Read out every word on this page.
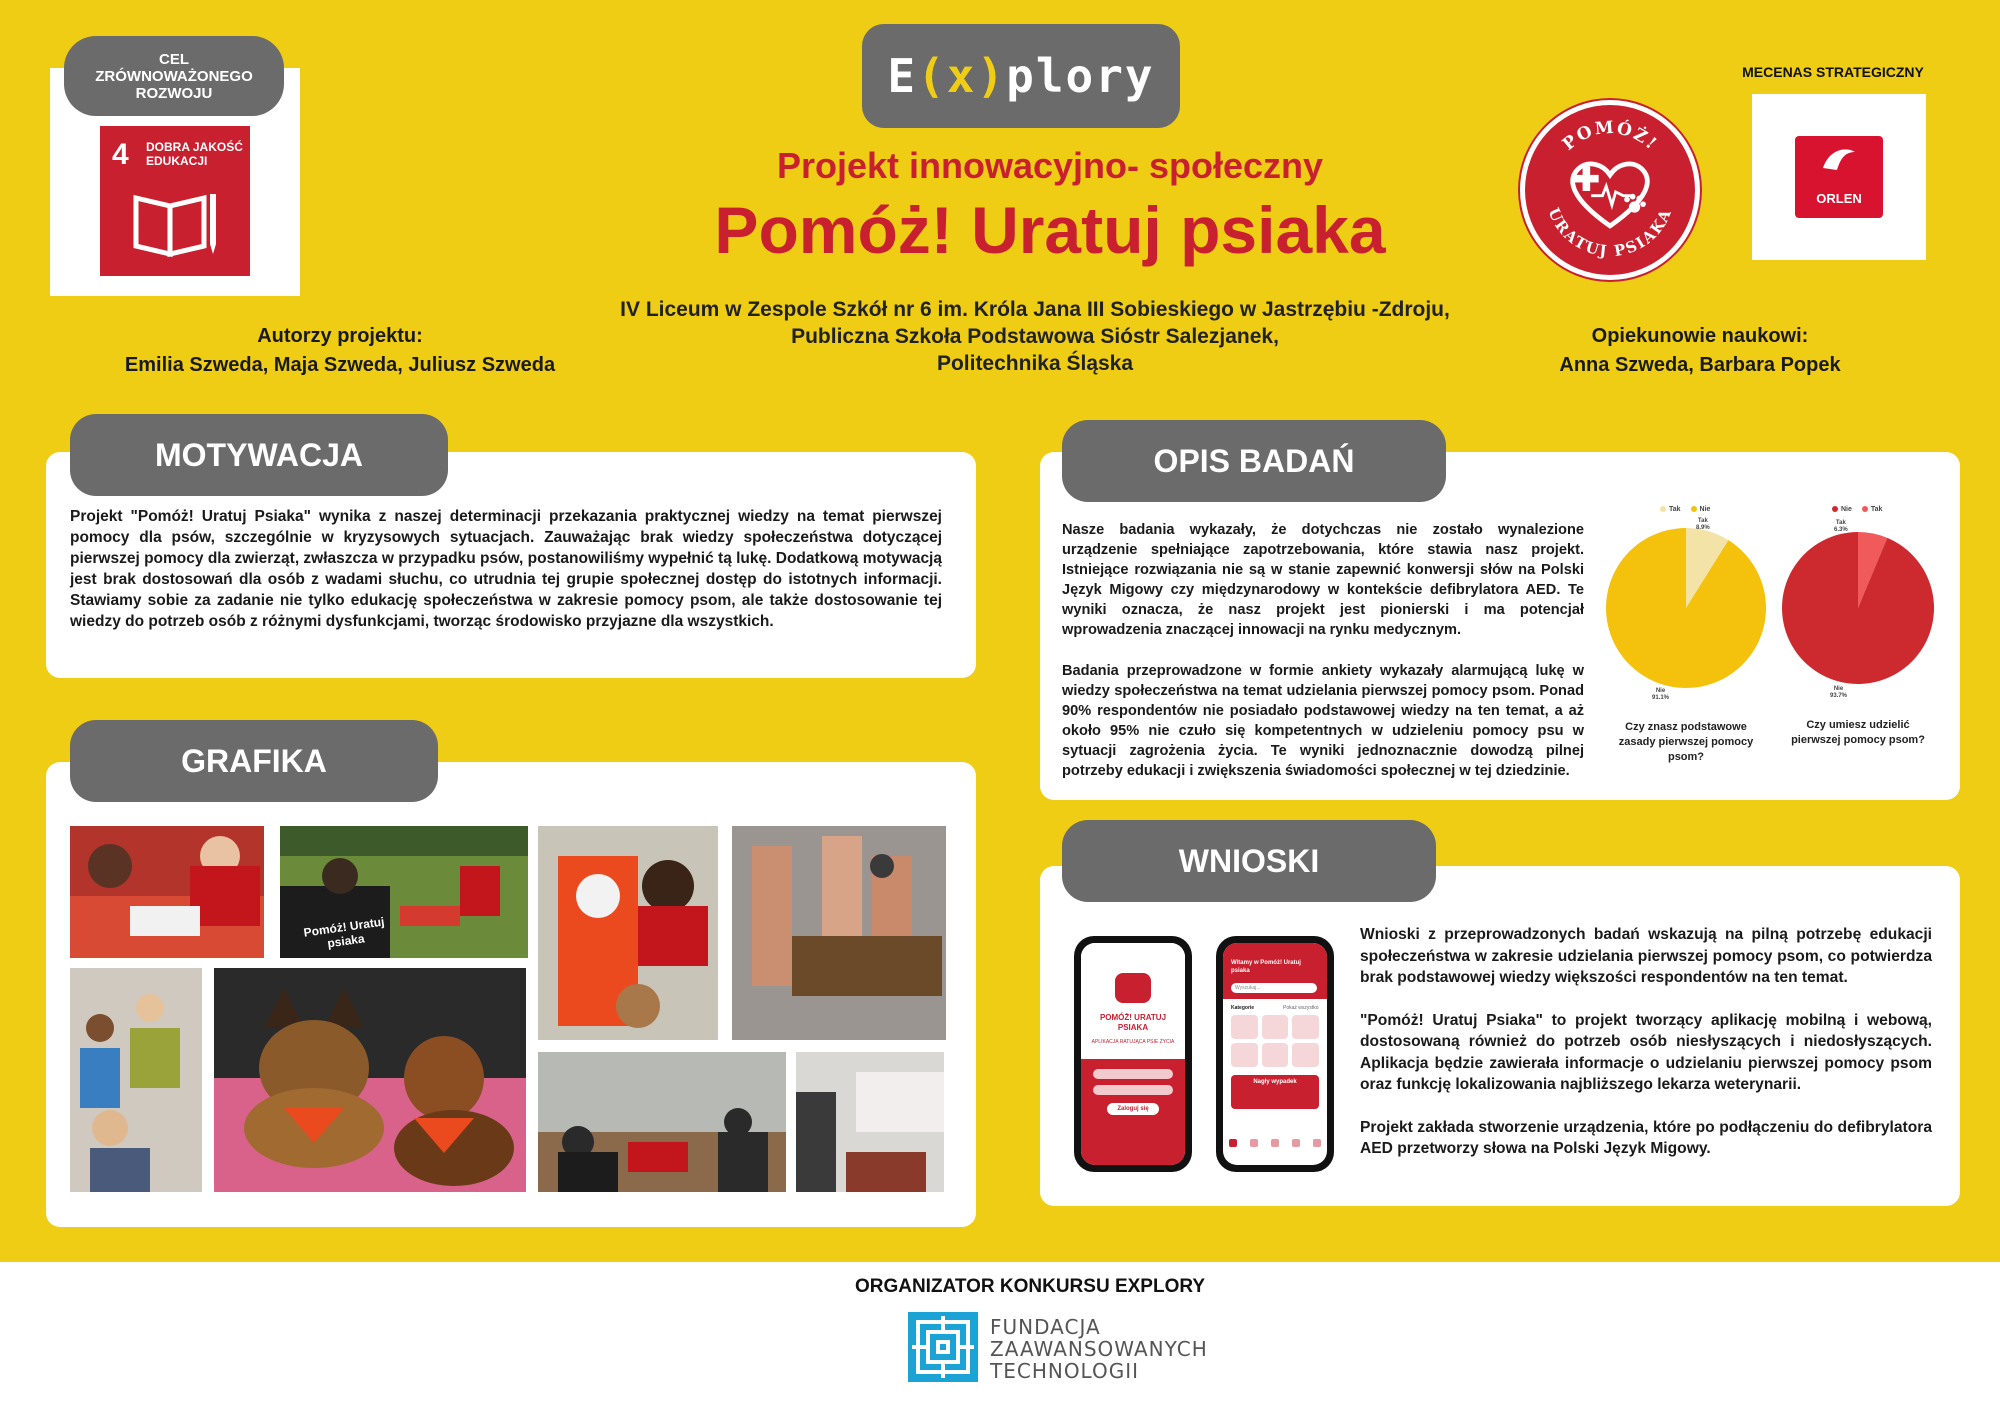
CEL ZRÓWNOWAŻONEGO ROZWOJU
4 DOBRA JAKOŚĆ EDUKACJI
E (x) plory
Projekt innowacyjno- społeczny
Pomóż! Uratuj psiaka
IV Liceum w Zespole Szkół nr 6 im. Króla Jana III Sobieskiego w Jastrzębiu -Zdroju,
Publiczna Szkoła Podstawowa Sióstr Salezjanek,
Politechnika Śląska
Autorzy projektu:
Emilia Szweda, Maja Szweda, Juliusz Szweda
Opiekunowie naukowi:
Anna Szweda, Barbara Popek
POMÓŻ!
URATUJ PSIAKA
MECENAS STRATEGICZNY
ORLEN
MOTYWACJA
Projekt "Pomóż! Uratuj Psiaka" wynika z naszej determinacji przekazania praktycznej wiedzy na temat pierwszej pomocy dla psów, szczególnie w kryzysowych sytuacjach. Zauważając brak wiedzy społeczeństwa dotyczącej pierwszej pomocy dla zwierząt, zwłaszcza w przypadku psów, postanowiliśmy wypełnić tą lukę. Dodatkową motywacją jest brak dostosowań dla osób z wadami słuchu, co utrudnia tej grupie społecznej dostęp do istotnych informacji. Stawiamy sobie za zadanie nie tylko edukację społeczeństwa w zakresie pomocy psom, ale także dostosowanie tej wiedzy do potrzeb osób z różnymi dysfunkcjami, tworząc środowisko przyjazne dla wszystkich.
GRAFIKA
Pomóż! Uratuj psiaka
OPIS BADAŃ

Nasze badania wykazały, że dotychczas nie zostało wynalezione urządzenie spełniające zapotrzebowania, które stawia nasz projekt. Istniejące rozwiązania nie są w stanie zapewnić konwersji słów na Polski Język Migowy czy międzynarodowy w kontekście defibrylatora AED. Te wyniki oznacza, że nasz projekt jest pionierski i ma potencjał wprowadzenia znaczącej innowacji na rynku medycznym.

Badania przeprowadzone w formie ankiety wykazały alarmującą lukę w wiedzy społeczeństwa na temat udzielania pierwszej pomocy psom. Ponad 90% respondentów nie posiadało podstawowej wiedzy na ten temat, a aż około 95% nie czuło się kompetentnych w udzieleniu pomocy psu w sytuacji zagrożenia życia. Te wyniki jednoznacznie dowodzą pilnej potrzeby edukacji i zwiększenia świadomości społecznej w tej dziedzinie.

Tak	Nie
Tak
8.9%
Nie
91.1%
Czy znasz podstawowe zasady pierwszej pomocy psom?
Nie	Tak
Tak
6.3%
Nie
93.7%
Czy umiesz udzielić pierwszej pomocy psom?
WNIOSKI

Wnioski z przeprowadzonych badań wskazują na pilną potrzebę edukacji społeczeństwa w zakresie udzielania pierwszej pomocy psom, co potwierdza brak podstawowej wiedzy większości respondentów na ten temat.

"Pomóż! Uratuj Psiaka" to projekt tworzący aplikację mobilną i webową, dostosowaną również do potrzeb osób niesłyszących i niedosłyszących. Aplikacja będzie zawierała informacje o udzielaniu pierwszej pomocy psom oraz funkcję lokalizowania najbliższego lekarza weterynarii.

Projekt zakłada stworzenie urządzenia, które po podłączeniu do defibrylatora AED przetworzy słowa na Polski Język Migowy.

POMÓŻ! URATUJ PSIAKA
APLIKACJA RATUJĄCA PSIE ŻYCIA
Zaloguj się
Witamy w Pomóż! Uratuj psiaka
Wyszukaj...
Kategorie	Pokaż wszystko
Nagły wypadek
ORGANIZATOR KONKURSU EXPLORY
FUNDACJA
ZAAWANSOWANYCH
TECHNOLOGII
